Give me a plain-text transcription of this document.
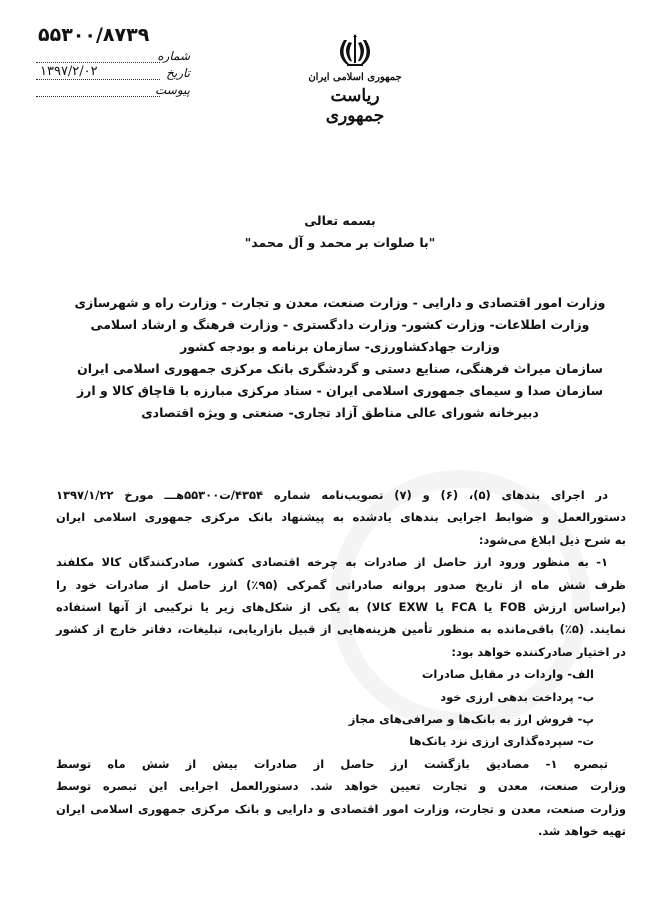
۵۵۳۰۰/۸۷۳۹
شماره
تاریخ
۱۳۹۷/۲/۰۲
پیوست
جمهوری اسلامی ایران
ریاست جمهوری
بسمه تعالی
"با صلوات بر محمد و آل محمد"
وزارت امور اقتصادی و دارایی - وزارت صنعت، معدن و تجارت - وزارت راه و شهرسازی
وزارت اطلاعات- وزارت کشور- وزارت دادگستری - وزارت فرهنگ و ارشاد اسلامی
وزارت جهادکشاورزی- سازمان برنامه و بودجه کشور
سازمان میراث فرهنگی، صنایع دستی و گردشگری بانک مرکزی جمهوری اسلامی ایران
سازمان صدا و سیمای جمهوری اسلامی ایران - ستاد مرکزی مبارزه با قاچاق کالا و ارز
دبیرخانه شورای عالی مناطق آزاد تجاری- صنعتی و ویژه اقتصادی

در اجرای بندهای (۵)، (۶) و (۷) تصویب‌نامه شماره ۴۳۵۴/ت۵۵۳۰۰هـــ مورخ ۱۳۹۷/۱/۲۲

دستورالعمل و ضوابط اجرایی بندهای یادشده به پیشنهاد بانک مرکزی جمهوری اسلامی ایران

به شرح ذیل ابلاغ می‌شود:

۱- به منظور ورود ارز حاصل از صادرات به چرخه اقتصادی کشور، صادرکنندگان کالا مکلفند

ظرف شش ماه از تاریخ صدور پروانه صادراتی گمرکی (۹۵٪) ارز حاصل از صادرات خود را

(براساس ارزش FOB یا FCA یا EXW کالا) به یکی از شکل‌های زیر یا ترکیبی از آنها استفاده

نمایند. (۵٪) باقی‌مانده به منظور تأمین هزینه‌هایی از قبیل بازاریابی، تبلیغات، دفاتر خارج از کشور

در اختیار صادرکننده خواهد بود:

الف- واردات در مقابل صادرات

ب- پرداخت بدهی ارزی خود

پ- فروش ارز به بانک‌ها و صرافی‌های مجاز

ت- سپرده‌گذاری ارزی نزد بانک‌ها

تبصره ۱- مصادیق بازگشت ارز حاصل از صادرات بیش از شش ماه توسط

وزارت صنعت، معدن و تجارت تعیین خواهد شد. دستورالعمل اجرایی این تبصره توسط

وزارت صنعت، معدن و تجارت، وزارت امور اقتصادی و دارایی و بانک مرکزی جمهوری اسلامی ایران

تهیه خواهد شد.
